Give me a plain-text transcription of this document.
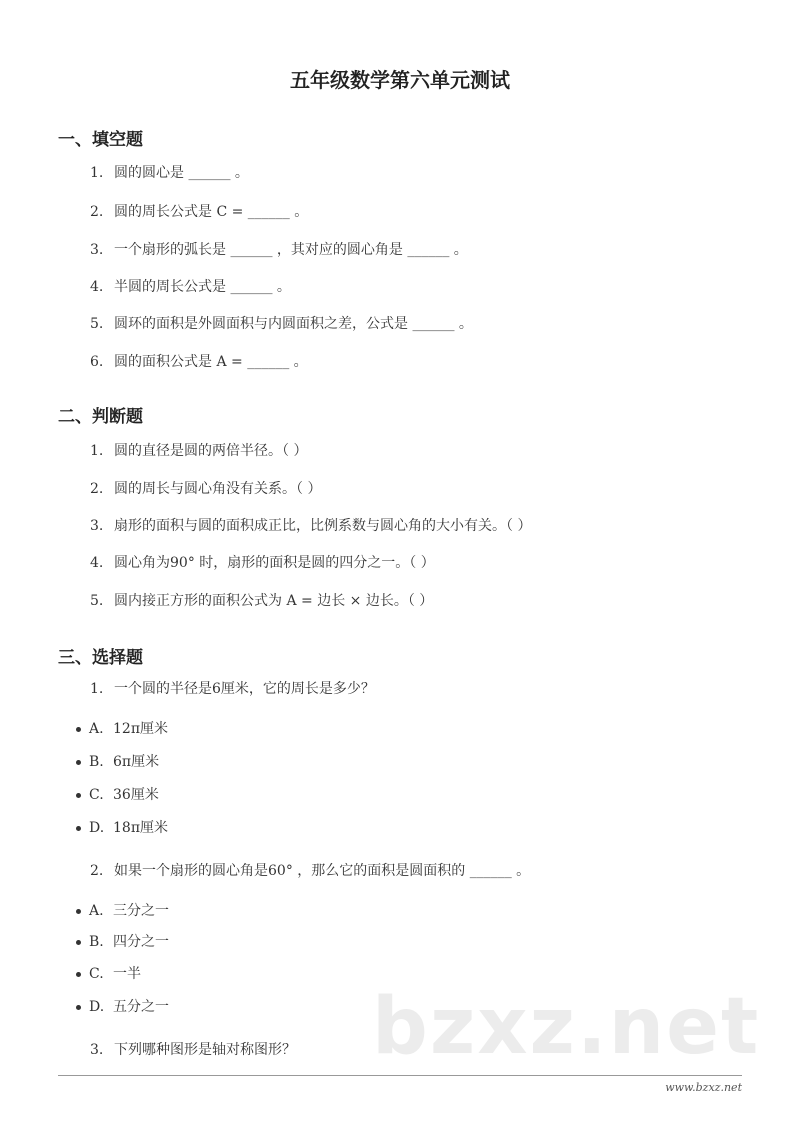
bzxz.net
五年级数学第六单元测试
一、填空题
1. 圆的圆心是 ______ 。
2. 圆的周长公式是 C = ______ 。
3. 一个扇形的弧长是 ______ ，其对应的圆心角是 ______ 。
4. 半圆的周长公式是 ______ 。
5. 圆环的面积是外圆面积与内圆面积之差，公式是 ______ 。
6. 圆的面积公式是 A = ______ 。
二、判断题
1. 圆的直径是圆的两倍半径。（ ）
2. 圆的周长与圆心角没有关系。（ ）
3. 扇形的面积与圆的面积成正比，比例系数与圆心角的大小有关。（ ）
4. 圆心角为90° 时，扇形的面积是圆的四分之一。（ ）
5. 圆内接正方形的面积公式为 A = 边长 × 边长。（ ）
三、选择题
1. 一个圆的半径是6厘米，它的周长是多少？
A. 12π厘米
B. 6π厘米
C. 36厘米
D. 18π厘米
2. 如果一个扇形的圆心角是60° ，那么它的面积是圆面积的 ______ 。
A. 三分之一
B. 四分之一
C. 一半
D. 五分之一
3. 下列哪种图形是轴对称图形？
www.bzxz.net
